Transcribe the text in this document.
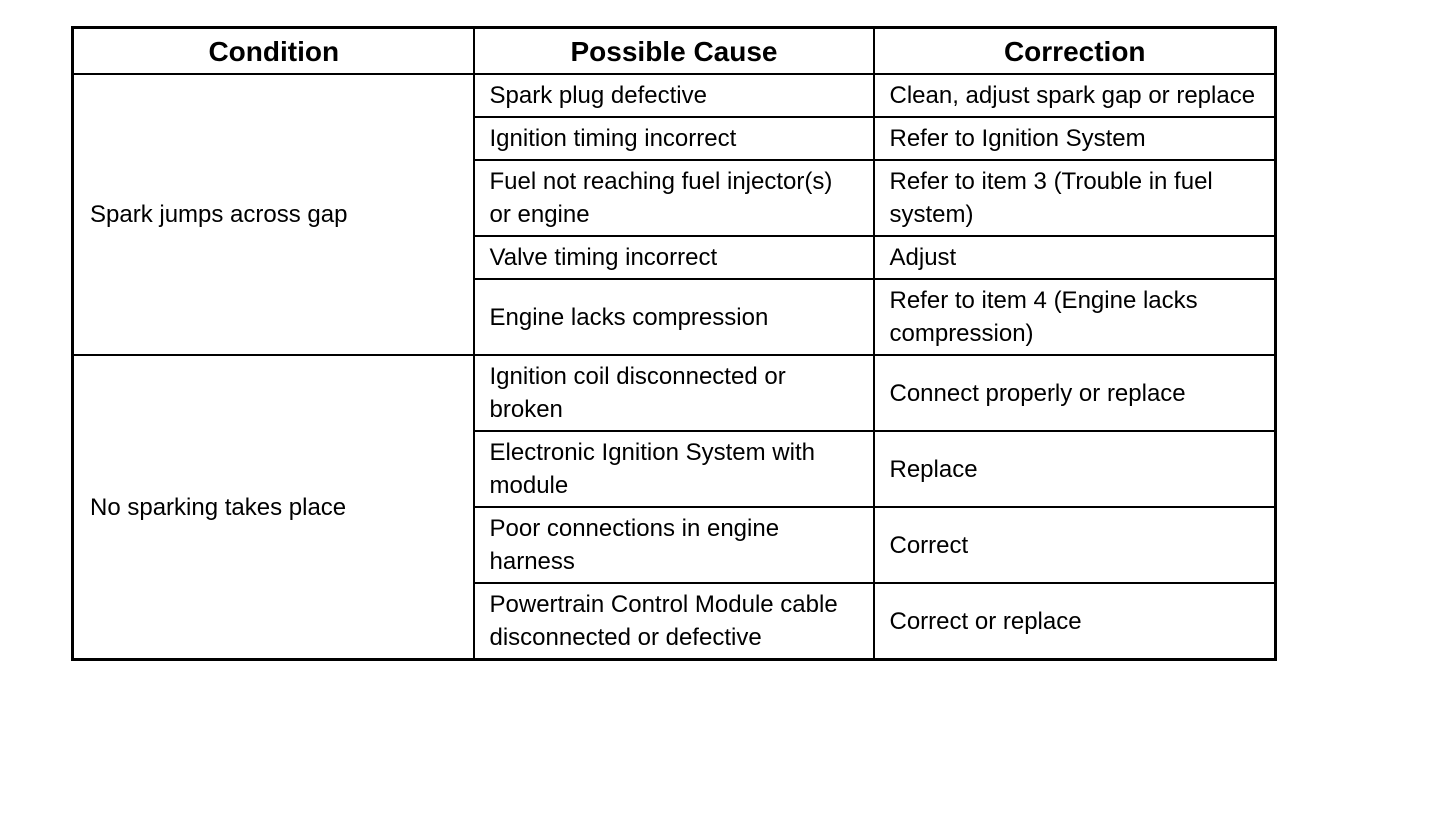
Condition	Possible Cause	Correction
Spark jumps across gap	Spark plug defective	Clean, adjust spark gap or replace
	Ignition timing incorrect	Refer to Ignition System
	Fuel not reaching fuel injector(s) or engine	Refer to item 3 (Trouble in fuel system)
	Valve timing incorrect	Adjust
	Engine lacks compression	Refer to item 4 (Engine lacks compression)
No sparking takes place	Ignition coil disconnected or broken	Connect properly or replace
	Electronic Ignition System with module	Replace
	Poor connections in engine harness	Correct
	Powertrain Control Module cable disconnected or defective	Correct or replace
